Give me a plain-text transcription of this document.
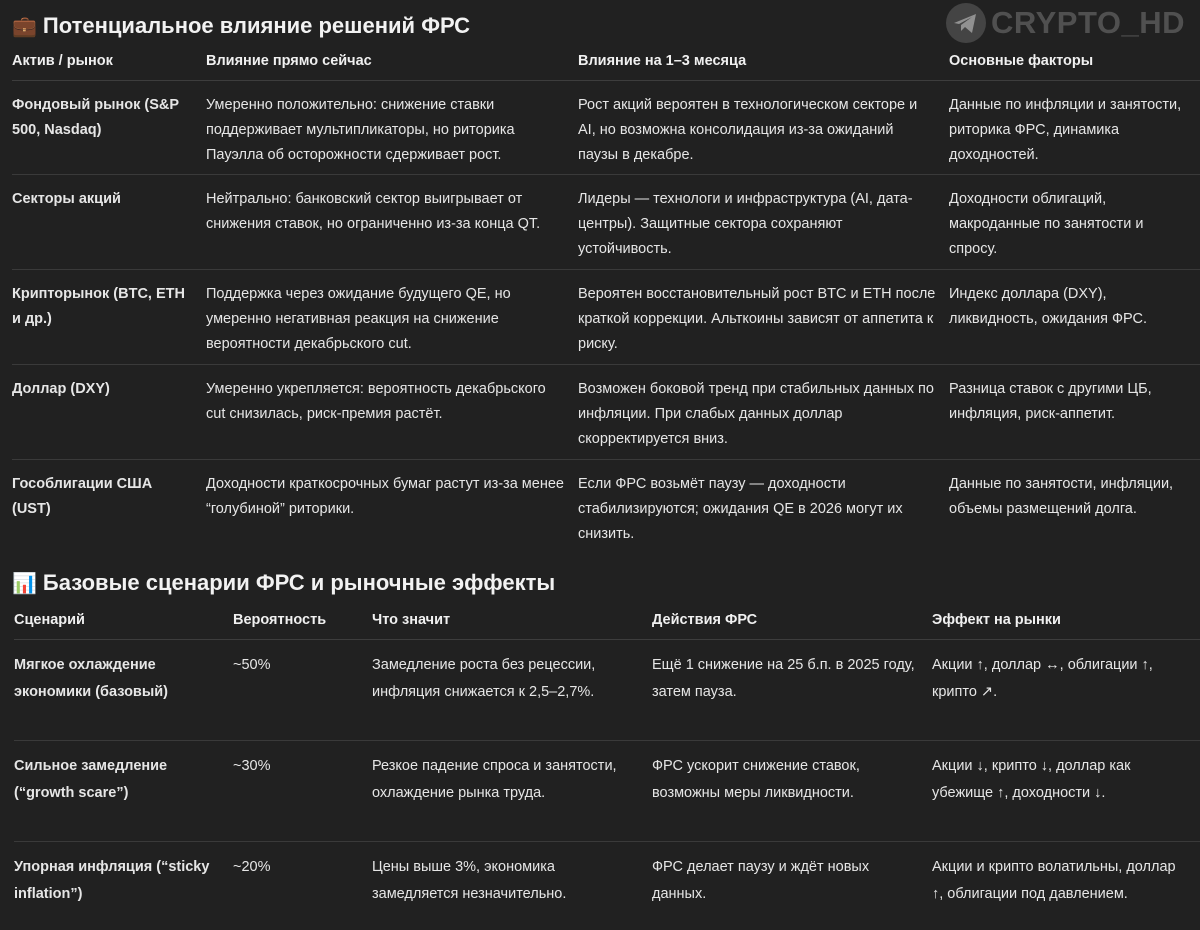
CRYPTO_HD
💼 Потенциальное влияние решений ФРС
Актив / рынок	Влияние прямо сейчас	Влияние на 1–3 месяца	Основные факторы
Фондовый рынок (S&P 500, Nasdaq)	Умеренно положительно: снижение ставки поддерживает мультипликаторы, но риторика Пауэлла об осторожности сдерживает рост.	Рост акций вероятен в технологическом секторе и AI, но возможна консолидация из-за ожиданий паузы в декабре.	Данные по инфляции и занятости, риторика ФРС, динамика доходностей.
Секторы акций	Нейтрально: банковский сектор выигрывает от снижения ставок, но ограниченно из-за конца QT.	Лидеры — технологи и инфраструктура (AI, дата-центры). Защитные сектора сохраняют устойчивость.	Доходности облигаций, макроданные по занятости и спросу.
Крипторынок (BTC, ETH и др.)	Поддержка через ожидание будущего QE, но умеренно негативная реакция на снижение вероятности декабрьского cut.	Вероятен восстановительный рост BTC и ETH после краткой коррекции. Альткоины зависят от аппетита к риску.	Индекс доллара (DXY), ликвидность, ожидания ФРС.
Доллар (DXY)	Умеренно укрепляется: вероятность декабрьского cut снизилась, риск-премия растёт.	Возможен боковой тренд при стабильных данных по инфляции. При слабых данных доллар скорректируется вниз.	Разница ставок с другими ЦБ, инфляция, риск-аппетит.
Гособлигации США (UST)	Доходности краткосрочных бумаг растут из-за менее “голубиной” риторики.	Если ФРС возьмёт паузу — доходности стабилизируются; ожидания QE в 2026 могут их снизить.	Данные по занятости, инфляции, объемы размещений долга.
📊 Базовые сценарии ФРС и рыночные эффекты
Сценарий	Вероятность	Что значит	Действия ФРС	Эффект на рынки
Мягкое охлаждение экономики (базовый)	~50%	Замедление роста без рецессии, инфляция снижается к 2,5–2,7%.	Ещё 1 снижение на 25 б.п. в 2025 году, затем пауза.	Акции ↑, доллар ↔, облигации ↑, крипто ↗.
Сильное замедление (“growth scare”)	~30%	Резкое падение спроса и занятости, охлаждение рынка труда.	ФРС ускорит снижение ставок, возможны меры ликвидности.	Акции ↓, крипто ↓, доллар как убежище ↑, доходности ↓.
Упорная инфляция (“sticky inflation”)	~20%	Цены выше 3%, экономика замедляется незначительно.	ФРС делает паузу и ждёт новых данных.	Акции и крипто волатильны, доллар ↑, облигации под давлением.
